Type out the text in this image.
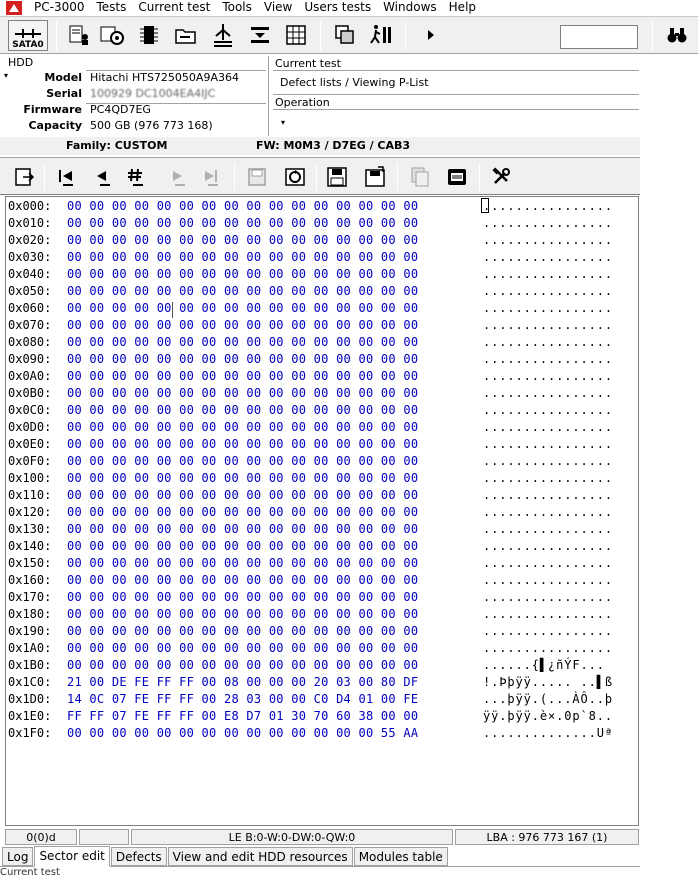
PC-3000	Tests	Current test	Tools	View	Users tests	Windows	Help
SATA0
HDD
▾	Model Hitachi HTS725050A9A364
Serial 100929 DC1004EA4IJC
Firmware PC4QD7EG
Capacity 500 GB (976 773 168)
Current test
Defect lists / Viewing P-List
Operation
▾
Family: CUSTOM	FW: M0M3 / D7EG / CAB3
0x000: 00 00 00 00 00 00 00 00 00 00 00 00 00 00 00 00	................
0x010: 00 00 00 00 00 00 00 00 00 00 00 00 00 00 00 00	................
0x020: 00 00 00 00 00 00 00 00 00 00 00 00 00 00 00 00	................
0x030: 00 00 00 00 00 00 00 00 00 00 00 00 00 00 00 00	................
0x040: 00 00 00 00 00 00 00 00 00 00 00 00 00 00 00 00	................
0x050: 00 00 00 00 00 00 00 00 00 00 00 00 00 00 00 00	................
0x060: 00 00 00 00 00 00 00 00 00 00 00 00 00 00 00 00	................
0x070: 00 00 00 00 00 00 00 00 00 00 00 00 00 00 00 00	................
0x080: 00 00 00 00 00 00 00 00 00 00 00 00 00 00 00 00	................
0x090: 00 00 00 00 00 00 00 00 00 00 00 00 00 00 00 00	................
0x0A0: 00 00 00 00 00 00 00 00 00 00 00 00 00 00 00 00	................
0x0B0: 00 00 00 00 00 00 00 00 00 00 00 00 00 00 00 00	................
0x0C0: 00 00 00 00 00 00 00 00 00 00 00 00 00 00 00 00	................
0x0D0: 00 00 00 00 00 00 00 00 00 00 00 00 00 00 00 00	................
0x0E0: 00 00 00 00 00 00 00 00 00 00 00 00 00 00 00 00	................
0x0F0: 00 00 00 00 00 00 00 00 00 00 00 00 00 00 00 00	................
0x100: 00 00 00 00 00 00 00 00 00 00 00 00 00 00 00 00	................
0x110: 00 00 00 00 00 00 00 00 00 00 00 00 00 00 00 00	................
0x120: 00 00 00 00 00 00 00 00 00 00 00 00 00 00 00 00	................
0x130: 00 00 00 00 00 00 00 00 00 00 00 00 00 00 00 00	................
0x140: 00 00 00 00 00 00 00 00 00 00 00 00 00 00 00 00	................
0x150: 00 00 00 00 00 00 00 00 00 00 00 00 00 00 00 00	................
0x160: 00 00 00 00 00 00 00 00 00 00 00 00 00 00 00 00	................
0x170: 00 00 00 00 00 00 00 00 00 00 00 00 00 00 00 00	................
0x180: 00 00 00 00 00 00 00 00 00 00 00 00 00 00 00 00	................
0x190: 00 00 00 00 00 00 00 00 00 00 00 00 00 00 00 00	................
0x1A0: 00 00 00 00 00 00 00 00 00 00 00 00 00 00 00 00	................
0x1B0: 00 00 00 00 00 00 00 00 00 00 00 00 00 00 00 00	......{▌¿ñÝF...
0x1C0: 21 00 DE FE FF FF 00 08 00 00 00 20 03 00 80 DF	!.Þþÿÿ..... ..▌ß
0x1D0: 14 0C 07 FE FF FF 00 28 03 00 00 C0 D4 01 00 FE	...þÿÿ.(...ÀÔ..þ
0x1E0: FF FF 07 FE FF FF 00 E8 D7 01 30 70 60 38 00 00	ÿÿ.þÿÿ.è×.0p`8..
0x1F0: 00 00 00 00 00 00 00 00 00 00 00 00 00 00 55 AA	..............Uª
0(0)d	LE B:0-W:0-DW:0-QW:0	LBA : 976 773 167 (1)
Log Sector edit Defects View and edit HDD resources Modules table
Current test
